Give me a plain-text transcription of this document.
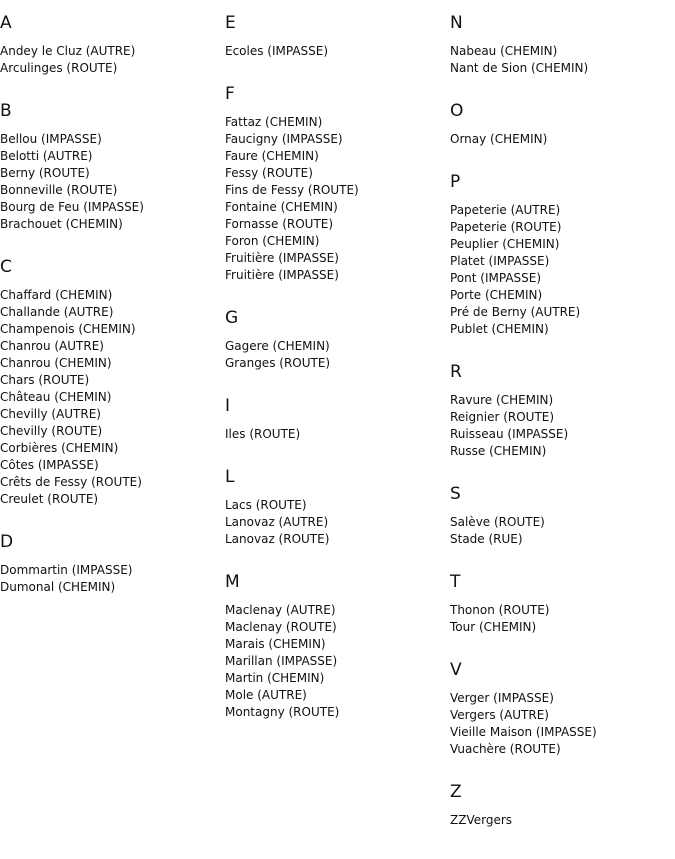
A
Andey le Cluz (AUTRE)
Arculinges (ROUTE)
B
Bellou (IMPASSE)
Belotti (AUTRE)
Berny (ROUTE)
Bonneville (ROUTE)
Bourg de Feu (IMPASSE)
Brachouet (CHEMIN)
C
Chaffard (CHEMIN)
Challande (AUTRE)
Champenois (CHEMIN)
Chanrou (AUTRE)
Chanrou (CHEMIN)
Chars (ROUTE)
Château (CHEMIN)
Chevilly (AUTRE)
Chevilly (ROUTE)
Corbières (CHEMIN)
Côtes (IMPASSE)
Crêts de Fessy (ROUTE)
Creulet (ROUTE)
D
Dommartin (IMPASSE)
Dumonal (CHEMIN)
E
Ecoles (IMPASSE)
F
Fattaz (CHEMIN)
Faucigny (IMPASSE)
Faure (CHEMIN)
Fessy (ROUTE)
Fins de Fessy (ROUTE)
Fontaine (CHEMIN)
Fornasse (ROUTE)
Foron (CHEMIN)
Fruitière (IMPASSE)
Fruitière (IMPASSE)
G
Gagere (CHEMIN)
Granges (ROUTE)
I
Iles (ROUTE)
L
Lacs (ROUTE)
Lanovaz (AUTRE)
Lanovaz (ROUTE)
M
Maclenay (AUTRE)
Maclenay (ROUTE)
Marais (CHEMIN)
Marillan (IMPASSE)
Martin (CHEMIN)
Mole (AUTRE)
Montagny (ROUTE)
N
Nabeau (CHEMIN)
Nant de Sion (CHEMIN)
O
Ornay (CHEMIN)
P
Papeterie (AUTRE)
Papeterie (ROUTE)
Peuplier (CHEMIN)
Platet (IMPASSE)
Pont (IMPASSE)
Porte (CHEMIN)
Pré de Berny (AUTRE)
Publet (CHEMIN)
R
Ravure (CHEMIN)
Reignier (ROUTE)
Ruisseau (IMPASSE)
Russe (CHEMIN)
S
Salève (ROUTE)
Stade (RUE)
T
Thonon (ROUTE)
Tour (CHEMIN)
V
Verger (IMPASSE)
Vergers (AUTRE)
Vieille Maison (IMPASSE)
Vuachère (ROUTE)
Z
ZZVergers
